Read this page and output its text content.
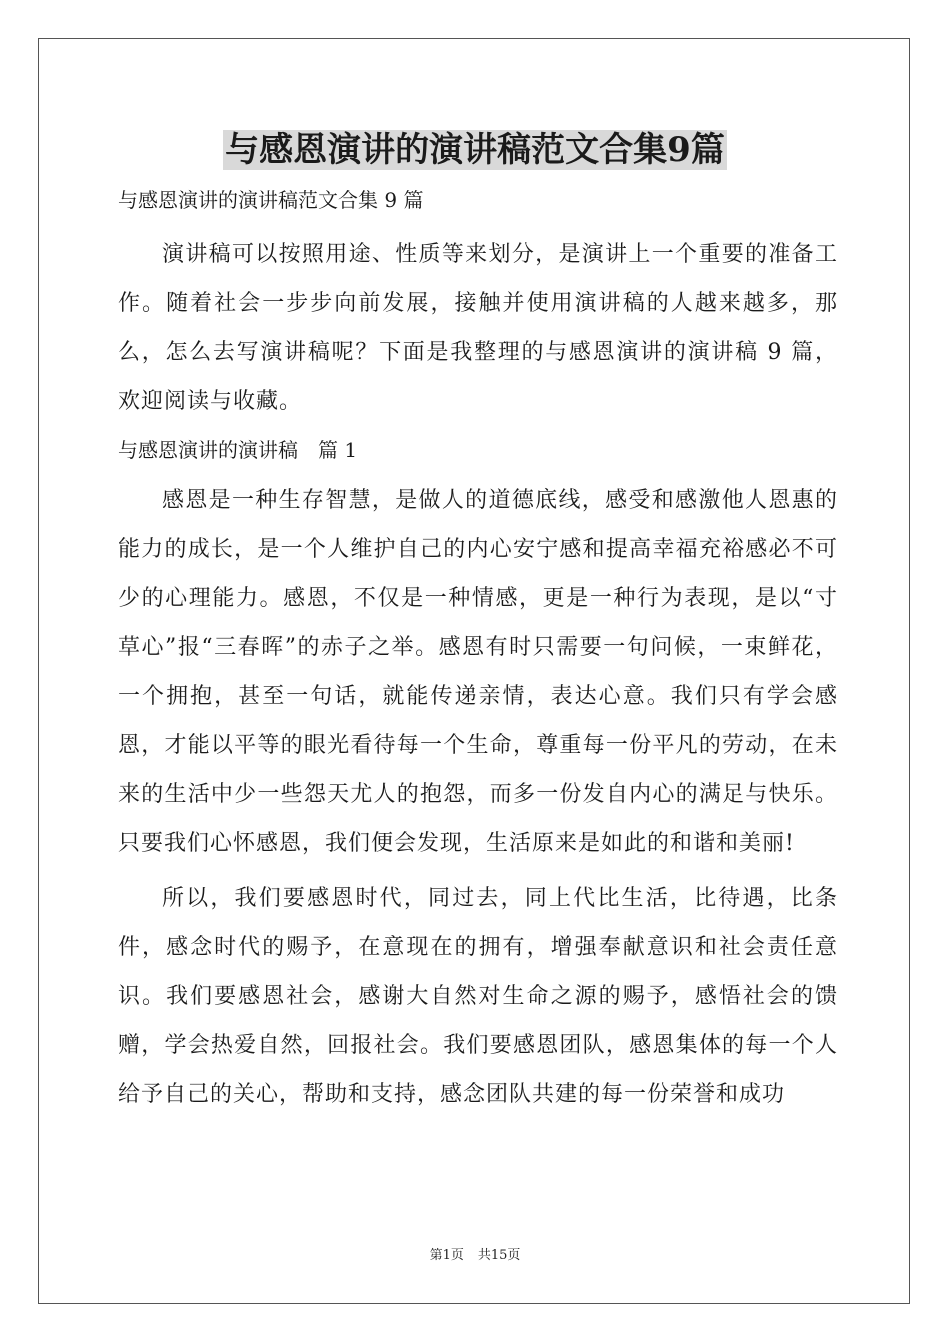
与感恩演讲的演讲稿范文合集9篇

与感恩演讲的演讲稿范文合集 9 篇

演讲稿可以按照用途、性质等来划分，是演讲上一个重要的准备工作。随着社会一步步向前发展，接触并使用演讲稿的人越来越多，那么，怎么去写演讲稿呢？下面是我整理的与感恩演讲的演讲稿 9 篇，欢迎阅读与收藏。

与感恩演讲的演讲稿　篇 1

感恩是一种生存智慧，是做人的道德底线，感受和感激他人恩惠的能力的成长，是一个人维护自己的内心安宁感和提高幸福充裕感必不可少的心理能力。感恩，不仅是一种情感，更是一种行为表现，是以“寸草心”报“三春晖”的赤子之举。感恩有时只需要一句问候，一束鲜花，一个拥抱，甚至一句话，就能传递亲情，表达心意。我们只有学会感恩，才能以平等的眼光看待每一个生命，尊重每一份平凡的劳动，在未来的生活中少一些怨天尤人的抱怨，而多一份发自内心的满足与快乐。只要我们心怀感恩，我们便会发现，生活原来是如此的和谐和美丽!

所以，我们要感恩时代，同过去，同上代比生活，比待遇，比条件，感念时代的赐予，在意现在的拥有，增强奉献意识和社会责任意识。我们要感恩社会，感谢大自然对生命之源的赐予，感悟社会的馈赠，学会热爱自然，回报社会。我们要感恩团队，感恩集体的每一个人给予自己的关心，帮助和支持，感念团队共建的每一份荣誉和成功

第1页 共15页
